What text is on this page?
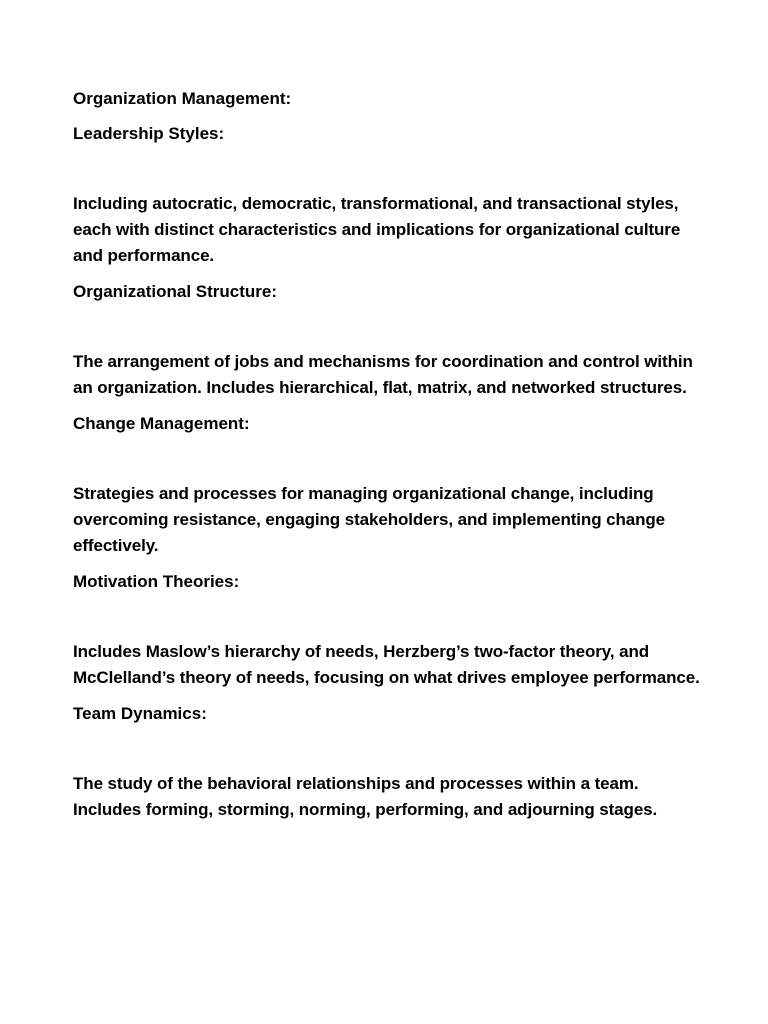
Organization Management:

Leadership Styles:

Including autocratic, democratic, transformational, and transactional styles, each with distinct characteristics and implications for organizational culture and performance.

Organizational Structure:

The arrangement of jobs and mechanisms for coordination and control within an organization. Includes hierarchical, flat, matrix, and networked structures.

Change Management:

Strategies and processes for managing organizational change, including overcoming resistance, engaging stakeholders, and implementing change effectively.

Motivation Theories:

Includes Maslow’s hierarchy of needs, Herzberg’s two-factor theory, and McClelland’s theory of needs, focusing on what drives employee performance.

Team Dynamics:

The study of the behavioral relationships and processes within a team. Includes forming, storming, norming, performing, and adjourning stages.
